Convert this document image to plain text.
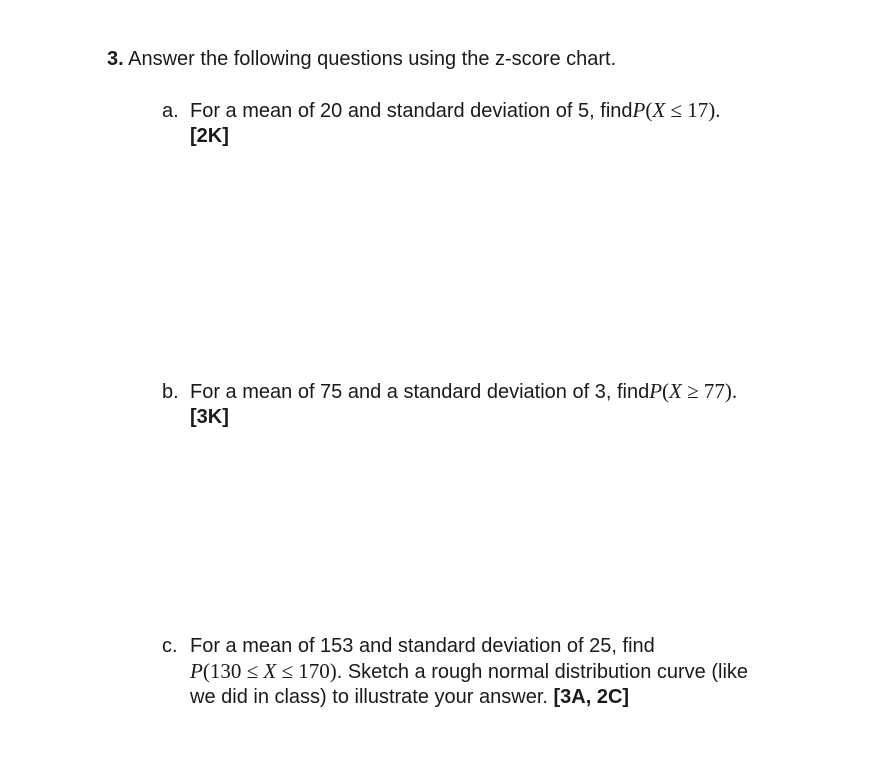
3. Answer the following questions using the z-score chart.
a. For a mean of 20 and standard deviation of 5, find P(X ≤ 17).
[2K]
b. For a mean of 75 and a standard deviation of 3, find P(X ≥ 77).
[3K]
c. For a mean of 153 and standard deviation of 25, find
P(130 ≤ X ≤ 170). Sketch a rough normal distribution curve (like
we did in class) to illustrate your answer. [3A, 2C]
